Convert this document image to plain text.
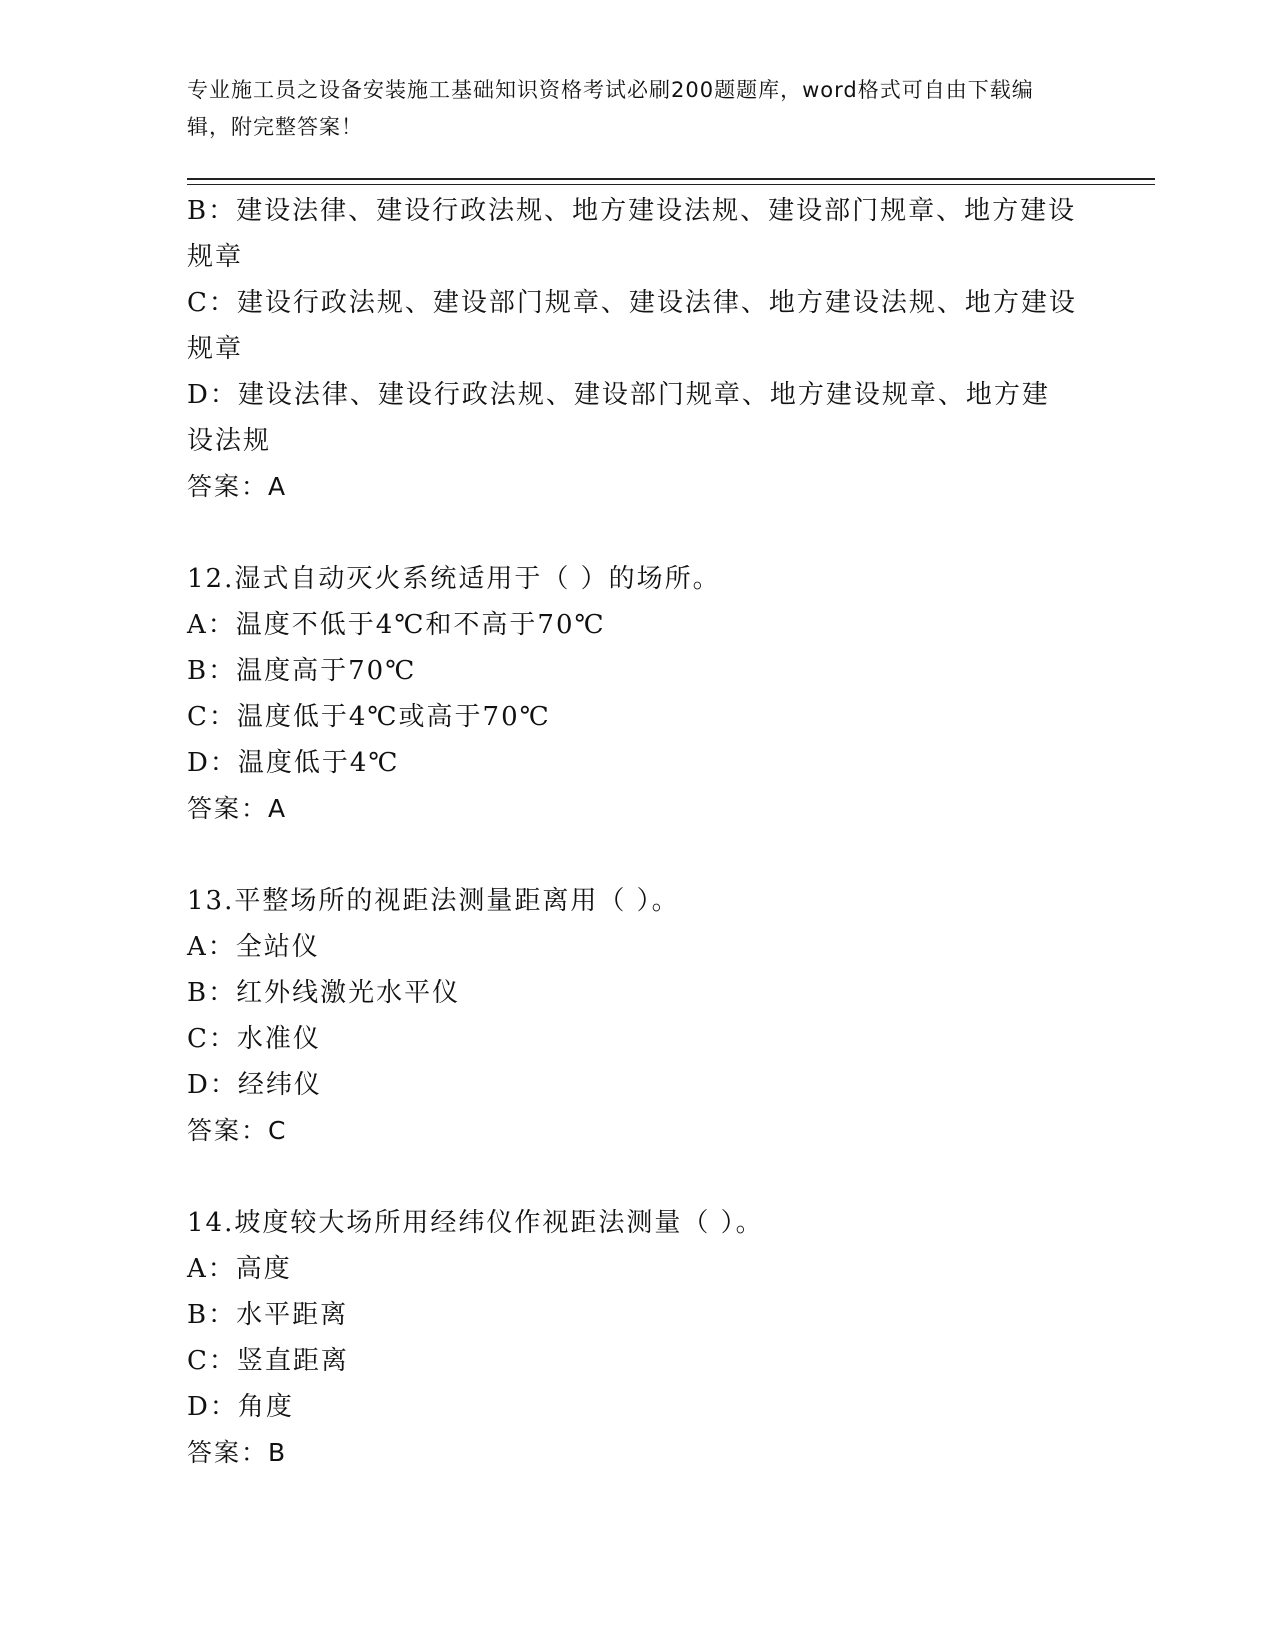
专业施工员之设备安装施工基础知识资格考试必刷200题题库，word格式可自由下载编辑，附完整答案！
B：建设法律、建设行政法规、地方建设法规、建设部门规章、地方建设规章
C：建设行政法规、建设部门规章、建设法律、地方建设法规、地方建设规章
D：建设法律、建设行政法规、建设部门规章、地方建设规章、地方建设法规
答案：A
12.湿式自动灭火系统适用于（ ）的场所。
A：温度不低于4℃和不高于70℃
B：温度高于70℃
C：温度低于4℃或高于70℃
D：温度低于4℃
答案：A
13.平整场所的视距法测量距离用（ ）。
A：全站仪
B：红外线激光水平仪
C：水准仪
D：经纬仪
答案：C
14.坡度较大场所用经纬仪作视距法测量（ ）。
A：高度
B：水平距离
C：竖直距离
D：角度
答案：B
